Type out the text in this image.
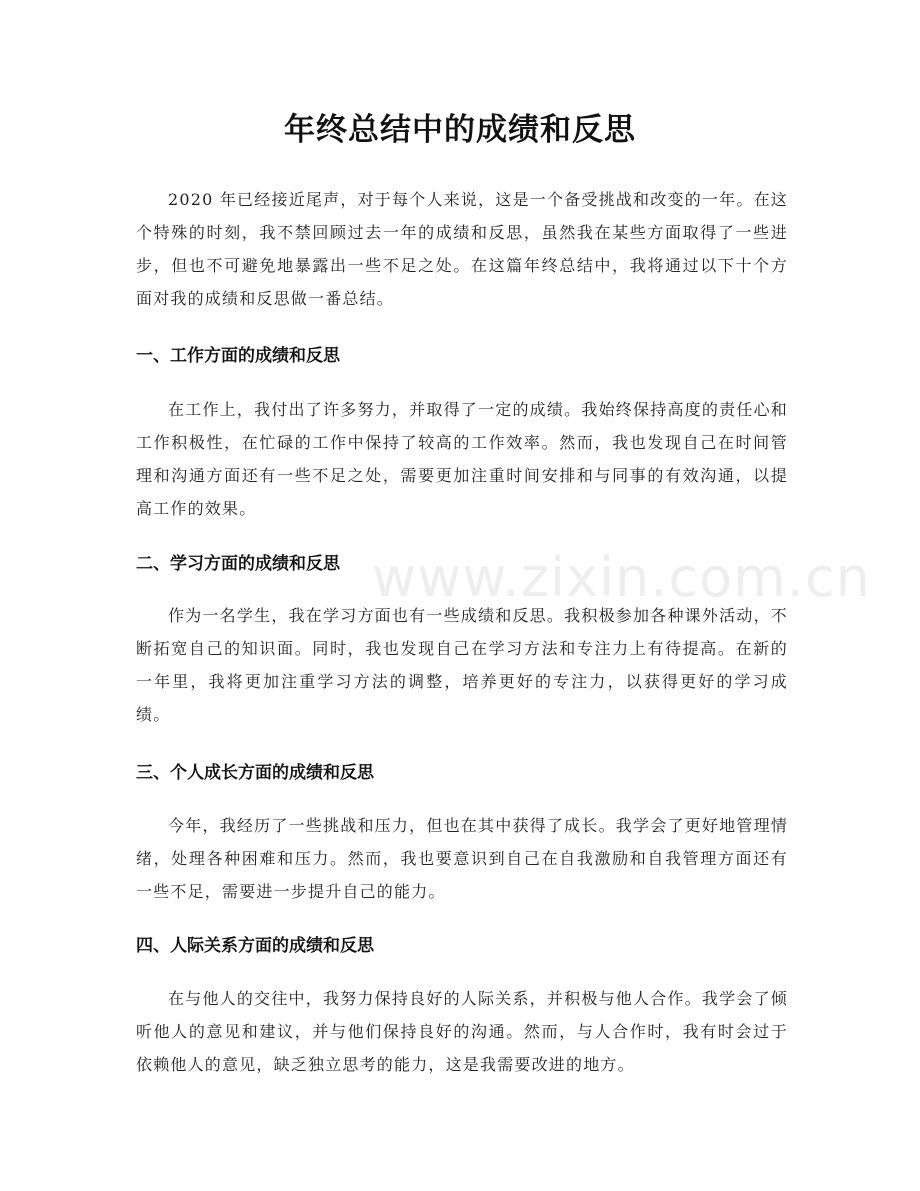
年终总结中的成绩和反思

2020 年已经接近尾声，对于每个人来说，这是一个备受挑战和改变的一年。在这个特殊的时刻，我不禁回顾过去一年的成绩和反思，虽然我在某些方面取得了一些进步，但也不可避免地暴露出一些不足之处。在这篇年终总结中，我将通过以下十个方面对我的成绩和反思做一番总结。

一、工作方面的成绩和反思

在工作上，我付出了许多努力，并取得了一定的成绩。我始终保持高度的责任心和工作积极性，在忙碌的工作中保持了较高的工作效率。然而，我也发现自己在时间管理和沟通方面还有一些不足之处，需要更加注重时间安排和与同事的有效沟通，以提高工作的效果。

二、学习方面的成绩和反思

作为一名学生，我在学习方面也有一些成绩和反思。我积极参加各种课外活动，不断拓宽自己的知识面。同时，我也发现自己在学习方法和专注力上有待提高。在新的一年里，我将更加注重学习方法的调整，培养更好的专注力，以获得更好的学习成绩。

三、个人成长方面的成绩和反思

今年，我经历了一些挑战和压力，但也在其中获得了成长。我学会了更好地管理情绪，处理各种困难和压力。然而，我也要意识到自己在自我激励和自我管理方面还有一些不足，需要进一步提升自己的能力。

四、人际关系方面的成绩和反思

在与他人的交往中，我努力保持良好的人际关系，并积极与他人合作。我学会了倾听他人的意见和建议，并与他们保持良好的沟通。然而，与人合作时，我有时会过于依赖他人的意见，缺乏独立思考的能力，这是我需要改进的地方。

www.zixin.com.cn
